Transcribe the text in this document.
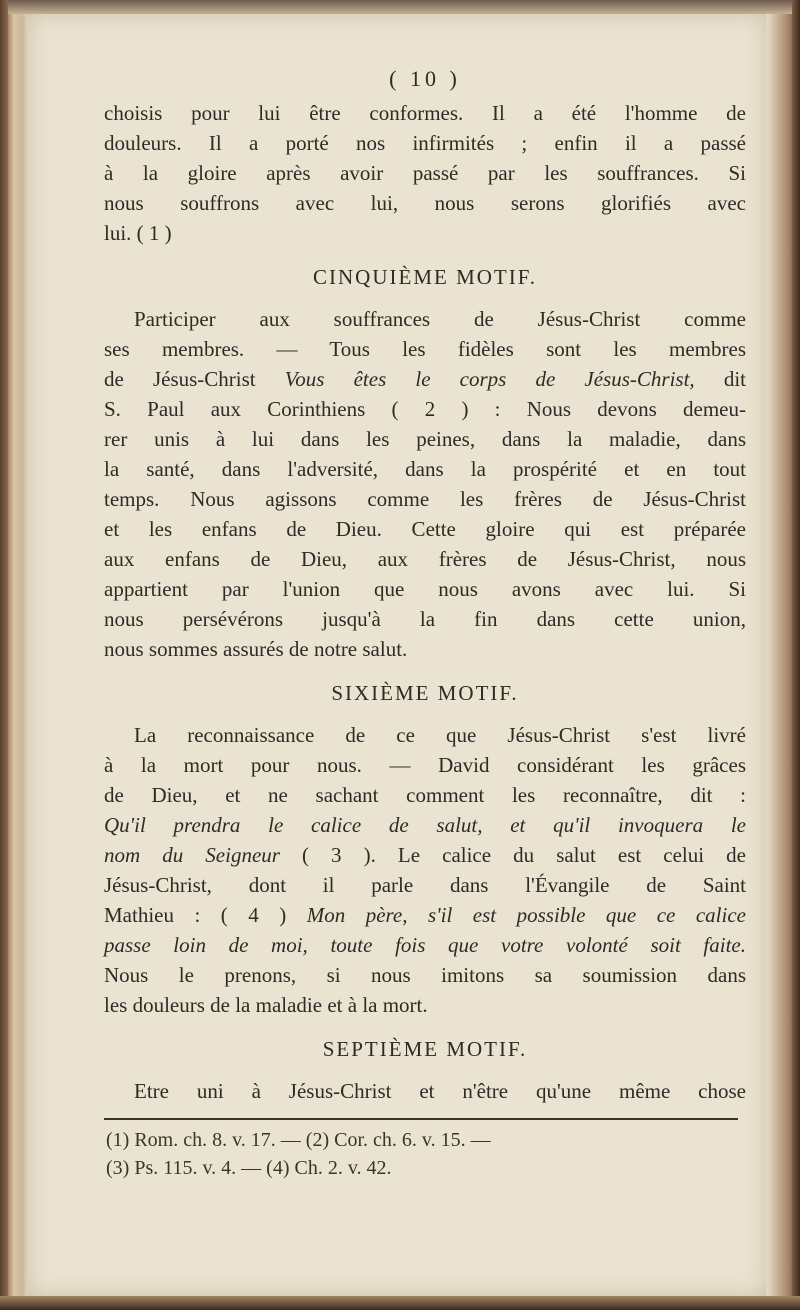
( 10 )
choisis pour lui être conformes. Il a été l'homme de
douleurs. Il a porté nos infirmités ; enfin il a passé
à la gloire après avoir passé par les souffrances. Si
nous souffrons avec lui, nous serons glorifiés avec
lui. ( 1 )
CINQUIÈME MOTIF.
Participer aux souffrances de Jésus-Christ comme
ses membres. — Tous les fidèles sont les membres
de Jésus-Christ Vous êtes le corps de Jésus-Christ, dit
S. Paul aux Corinthiens ( 2 ) : Nous devons demeu-
rer unis à lui dans les peines, dans la maladie, dans
la santé, dans l'adversité, dans la prospérité et en tout
temps. Nous agissons comme les frères de Jésus-Christ
et les enfans de Dieu. Cette gloire qui est préparée
aux enfans de Dieu, aux frères de Jésus-Christ, nous
appartient par l'union que nous avons avec lui. Si
nous persévérons jusqu'à la fin dans cette union,
nous sommes assurés de notre salut.
SIXIÈME MOTIF.
La reconnaissance de ce que Jésus-Christ s'est livré
à la mort pour nous. — David considérant les grâces
de Dieu, et ne sachant comment les reconnaître, dit :
Qu'il prendra le calice de salut, et qu'il invoquera le
nom du Seigneur ( 3 ). Le calice du salut est celui de
Jésus-Christ, dont il parle dans l'Évangile de Saint
Mathieu : ( 4 ) Mon père, s'il est possible que ce calice
passe loin de moi, toute fois que votre volonté soit faite.
Nous le prenons, si nous imitons sa soumission dans
les douleurs de la maladie et à la mort.
SEPTIÈME MOTIF.
Etre uni à Jésus-Christ et n'être qu'une même chose
(1) Rom. ch. 8. v. 17. — (2) Cor. ch. 6. v. 15. —
(3) Ps. 115. v. 4. — (4) Ch. 2. v. 42.
